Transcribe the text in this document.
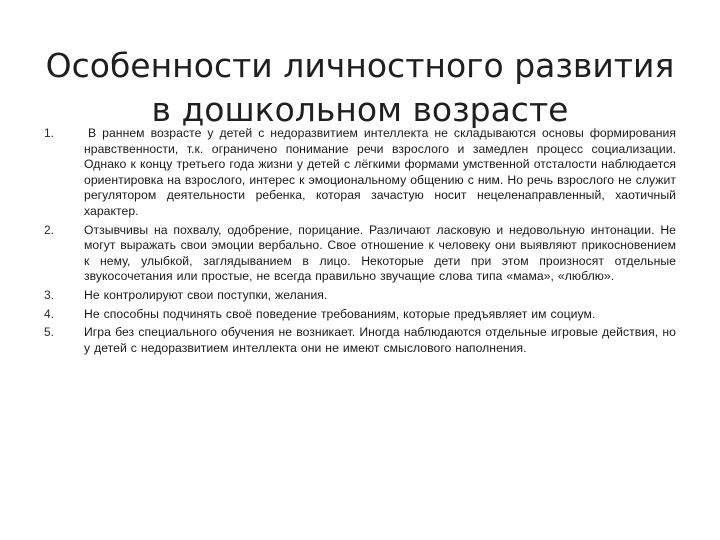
Особенности личностного развития
в дошкольном возрасте
1.	В раннем возрасте у детей с недоразвитием интеллекта не складываются основы формирования нравственности, т.к. ограничено понимание речи взрослого и замедлен процесс социализации. Однако к концу третьего года жизни у детей с лёгкими формами умственной отсталости наблюдается ориентировка на взрослого, интерес к эмоциональному общению с ним. Но речь взрослого не служит регулятором деятельности ребенка, которая зачастую носит нецеленаправленный, хаотичный характер.
2.	Отзывчивы на похвалу, одобрение, порицание. Различают ласковую и недовольную интонации. Не могут выражать свои эмоции вербально. Свое отношение к человеку они выявляют прикосновением к нему, улыбкой, заглядыванием в лицо. Некоторые дети при этом произносят отдельные звукосочетания или простые, не всегда правильно звучащие слова типа «мама», «люблю».
3.	Не контролируют свои поступки, желания.
4.	Не способны подчинять своё поведение требованиям, которые предъявляет им социум.
5.	Игра без специального обучения не возникает. Иногда наблюдаются отдельные игровые действия, но у детей с недоразвитием интеллекта они не имеют смыслового наполнения.
